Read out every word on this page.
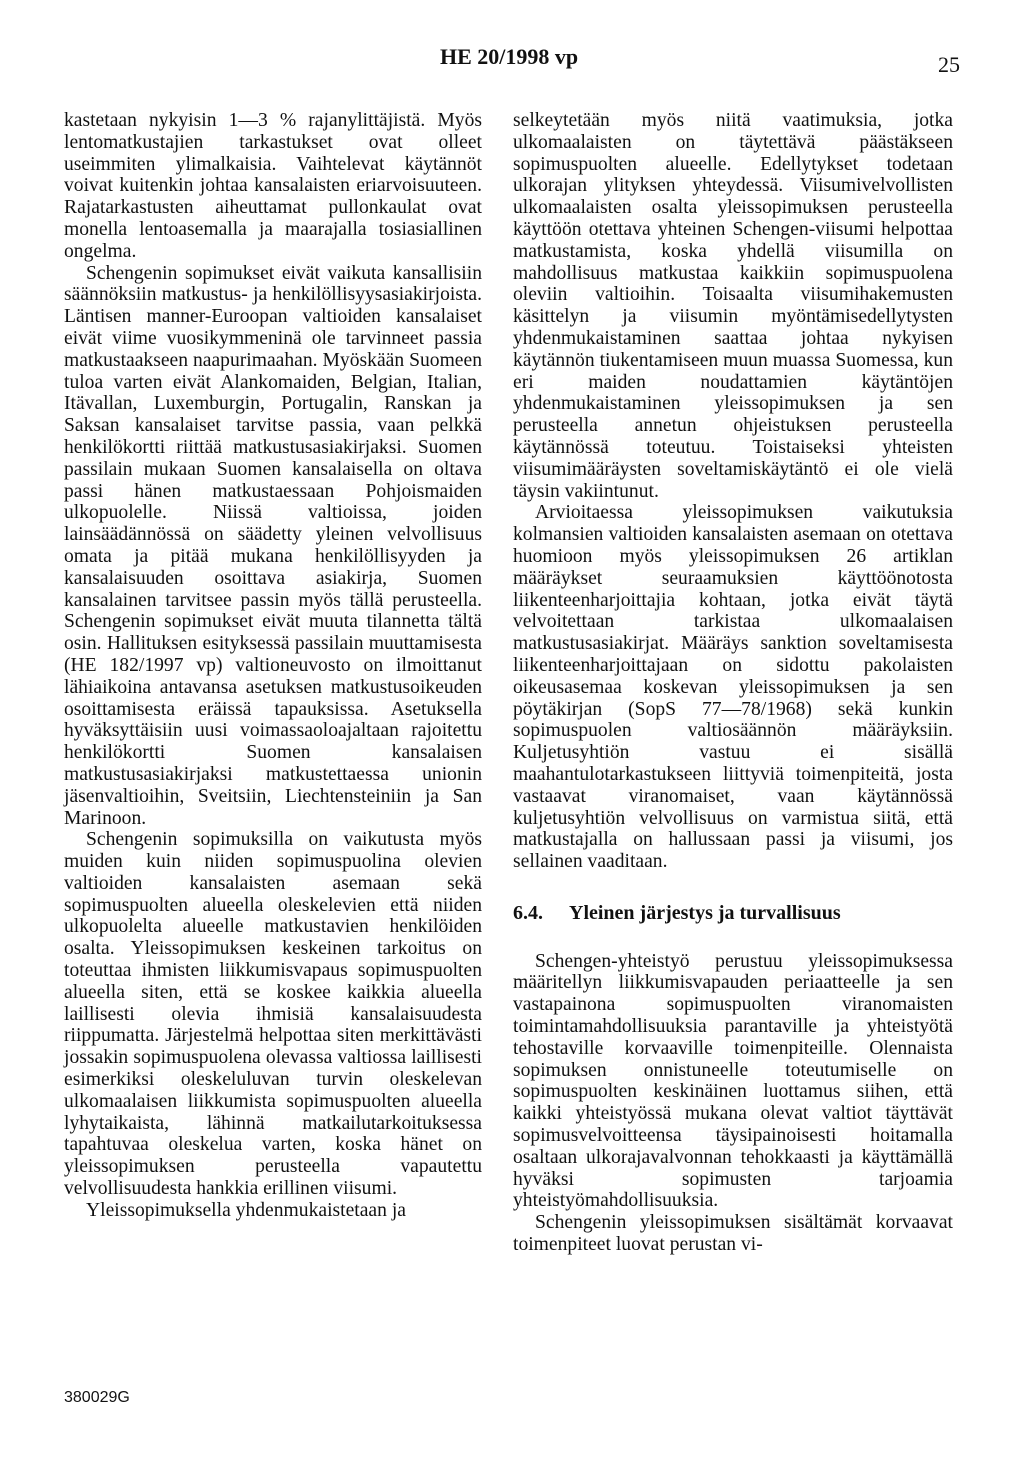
HE 20/1998 vp	25

kastetaan nykyisin 1—3 % rajanylittäjistä. Myös lentomatkustajien tarkastukset ovat olleet useimmiten ylimalkaisia. Vaihtelevat käytännöt voivat kuitenkin johtaa kansalaisten eriarvoisuuteen. Rajatarkastusten aiheuttamat pullonkaulat ovat monella lentoasemalla ja maarajalla tosiasiallinen ongelma.

Schengenin sopimukset eivät vaikuta kansallisiin säännöksiin matkustus- ja henkilöllisyysasiakirjoista. Läntisen manner-Euroopan valtioiden kansalaiset eivät viime vuosikymmeninä ole tarvinneet passia matkustaakseen naapurimaahan. Myöskään Suomeen tuloa varten eivät Alankomaiden, Belgian, Italian, Itävallan, Luxemburgin, Portugalin, Ranskan ja Saksan kansalaiset tarvitse passia, vaan pelkkä henkilökortti riittää matkustusasiakirjaksi. Suomen passilain mukaan Suomen kansalaisella on oltava passi hänen matkustaessaan Pohjoismaiden ulkopuolelle. Niissä valtioissa, joiden lainsäädännössä on säädetty yleinen velvollisuus omata ja pitää mukana henkilöllisyyden ja kansalaisuuden osoittava asiakirja, Suomen kansalainen tarvitsee passin myös tällä perusteella. Schengenin sopimukset eivät muuta tilannetta tältä osin. Hallituksen esityksessä passilain muuttamisesta (HE 182/1997 vp) valtioneuvosto on ilmoittanut lähiaikoina antavansa asetuksen matkustusoikeuden osoittamisesta eräissä tapauksissa. Asetuksella hyväksyttäisiin uusi voimassaoloajaltaan rajoitettu henkilökortti Suomen kansalaisen matkustusasiakirjaksi matkustettaessa unionin jäsenvaltioihin, Sveitsiin, Liechtensteiniin ja San Marinoon.

Schengenin sopimuksilla on vaikutusta myös muiden kuin niiden sopimuspuolina olevien valtioiden kansalaisten asemaan sekä sopimuspuolten alueella oleskelevien että niiden ulkopuolelta alueelle matkustavien henkilöiden osalta. Yleissopimuksen keskeinen tarkoitus on toteuttaa ihmisten liikkumisvapaus sopimuspuolten alueella siten, että se koskee kaikkia alueella laillisesti olevia ihmisiä kansalaisuudesta riippumatta. Järjestelmä helpottaa siten merkittävästi jossakin sopimuspuolena olevassa valtiossa laillisesti esimerkiksi oleskeluluvan turvin oleskelevan ulkomaalaisen liikkumista sopimuspuolten alueella lyhytaikaista, lähinnä matkailutarkoituksessa tapahtuvaa oleskelua varten, koska hänet on yleissopimuksen perusteella vapautettu velvollisuudesta hankkia erillinen viisumi.

Yleissopimuksella yhdenmukaistetaan ja

selkeytetään myös niitä vaatimuksia, jotka ulkomaalaisten on täytettävä päästäkseen sopimuspuolten alueelle. Edellytykset todetaan ulkorajan ylityksen yhteydessä. Viisumivelvollisten ulkomaalaisten osalta yleissopimuksen perusteella käyttöön otettava yhteinen Schengen-viisumi helpottaa matkustamista, koska yhdellä viisumilla on mahdollisuus matkustaa kaikkiin sopimuspuolena oleviin valtioihin. Toisaalta viisumihakemusten käsittelyn ja viisumin myöntämisedellytysten yhdenmukaistaminen saattaa johtaa nykyisen käytännön tiukentamiseen muun muassa Suomessa, kun eri maiden noudattamien käytäntöjen yhdenmukaistaminen yleissopimuksen ja sen perusteella annetun ohjeistuksen perusteella käytännössä toteutuu. Toistaiseksi yhteisten viisumimääräysten soveltamiskäytäntö ei ole vielä täysin vakiintunut.

Arvioitaessa yleissopimuksen vaikutuksia kolmansien valtioiden kansalaisten asemaan on otettava huomioon myös yleissopimuksen 26 artiklan määräykset seuraamuksien käyttöönotosta liikenteenharjoittajia kohtaan, jotka eivät täytä velvoitettaan tarkistaa ulkomaalaisen matkustusasiakirjat. Määräys sanktion soveltamisesta liikenteenharjoittajaan on sidottu pakolaisten oikeusasemaa koskevan yleissopimuksen ja sen pöytäkirjan (SopS 77—78/1968) sekä kunkin sopimuspuolen valtiosäännön määräyksiin. Kuljetusyhtiön vastuu ei sisällä maahantulotarkastukseen liittyviä toimenpiteitä, josta vastaavat viranomaiset, vaan käytännössä kuljetusyhtiön velvollisuus on varmistua siitä, että matkustajalla on hallussaan passi ja viisumi, jos sellainen vaaditaan.

6.4. Yleinen järjestys ja turvallisuus

Schengen-yhteistyö perustuu yleissopimuksessa määritellyn liikkumisvapauden periaatteelle ja sen vastapainona sopimuspuolten viranomaisten toimintamahdollisuuksia parantaville ja yhteistyötä tehostaville korvaaville toimenpiteille. Olennaista sopimuksen onnistuneelle toteutumiselle on sopimuspuolten keskinäinen luottamus siihen, että kaikki yhteistyössä mukana olevat valtiot täyttävät sopimusvelvoitteensa täysipainoisesti hoitamalla osaltaan ulkorajavalvonnan tehokkaasti ja käyttämällä hyväksi sopimusten tarjoamia yhteistyömahdollisuuksia.

Schengenin yleissopimuksen sisältämät korvaavat toimenpiteet luovat perustan vi-

380029G
